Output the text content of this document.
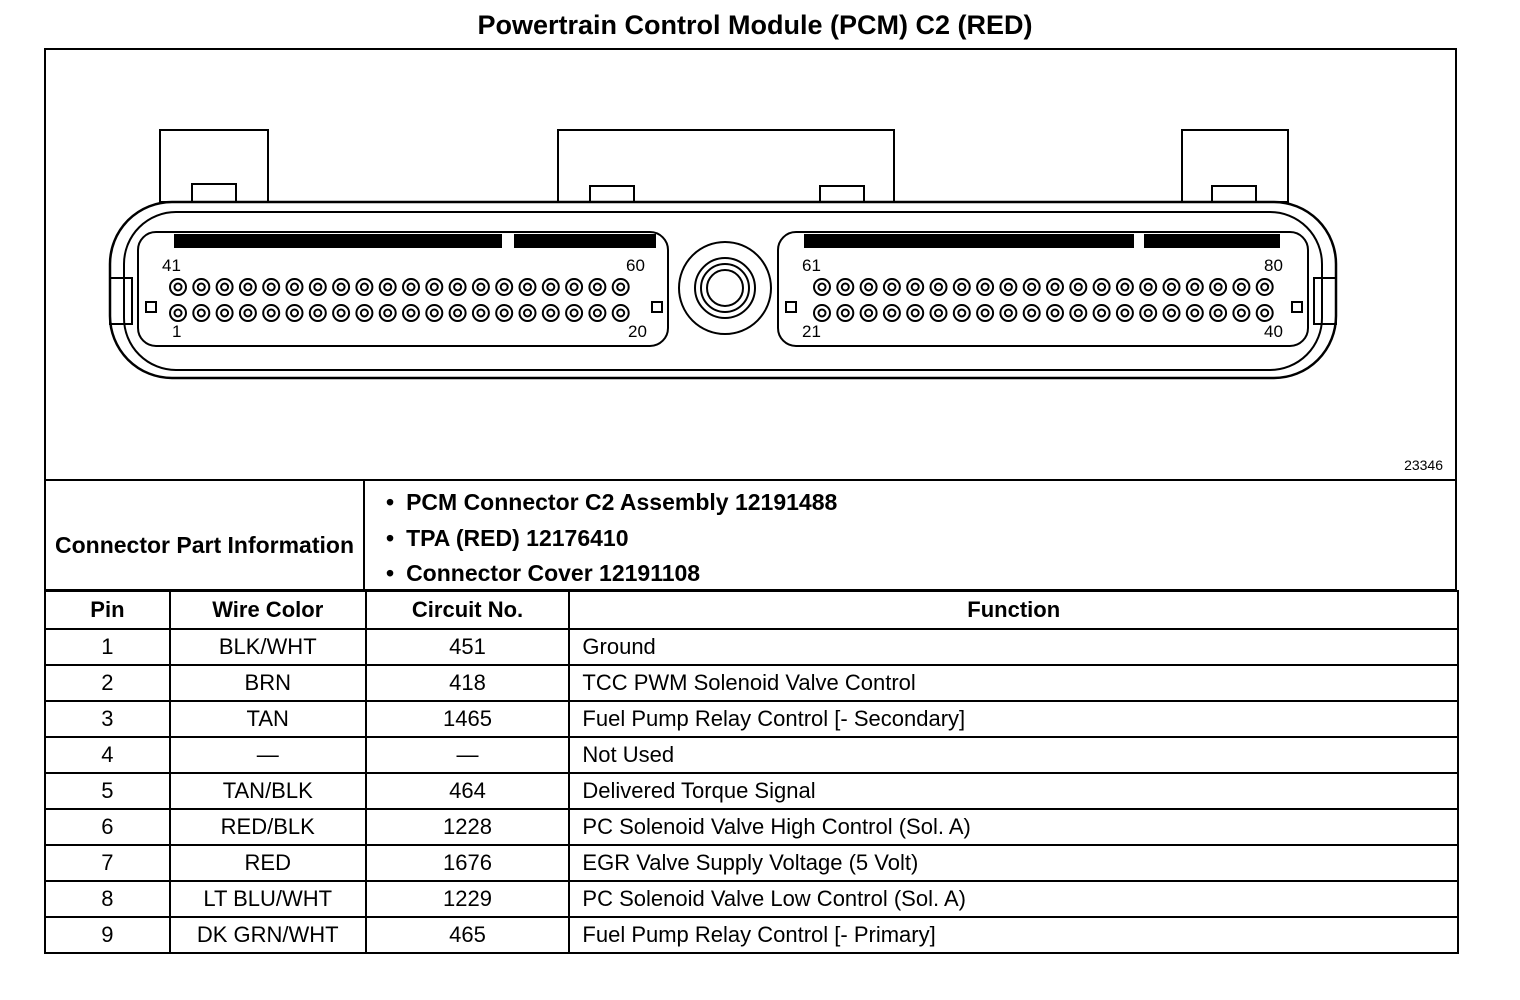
Powertrain Control Module (PCM) C2 (RED)
41	60
1	20
61	80
21	40
23346
Connector Part Information
• PCM Connector C2 Assembly 12191488
• TPA (RED) 12176410
• Connector Cover 12191108
Pin	Wire Color	Circuit No.	Function
1	BLK/WHT	451	Ground
2	BRN	418	TCC PWM Solenoid Valve Control
3	TAN	1465	Fuel Pump Relay Control [- Secondary]
4	—	—	Not Used
5	TAN/BLK	464	Delivered Torque Signal
6	RED/BLK	1228	PC Solenoid Valve High Control (Sol. A)
7	RED	1676	EGR Valve Supply Voltage (5 Volt)
8	LT BLU/WHT	1229	PC Solenoid Valve Low Control (Sol. A)
9	DK GRN/WHT	465	Fuel Pump Relay Control [- Primary]
